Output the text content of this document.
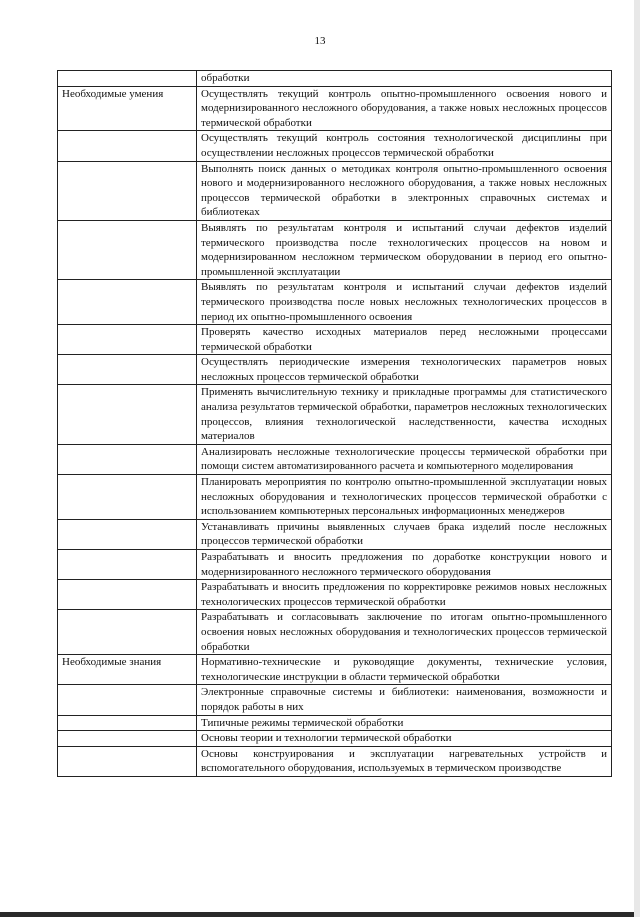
13
	обработки
Необходимые умения	Осуществлять текущий контроль опытно-промышленного освоения нового и модернизированного несложного оборудования, а также новых несложных процессов термической обработки
	Осуществлять текущий контроль состояния технологической дисциплины при осуществлении несложных процессов термической обработки
	Выполнять поиск данных о методиках контроля опытно-промышленного освоения нового и модернизированного несложного оборудования, а также новых несложных процессов термической обработки в электронных справочных системах и библиотеках
	Выявлять по результатам контроля и испытаний случаи дефектов изделий термического производства после технологических процессов на новом и модернизированном несложном термическом оборудовании в период его опытно-промышленной эксплуатации
	Выявлять по результатам контроля и испытаний случаи дефектов изделий термического производства после новых несложных технологических процессов в период их опытно-промышленного освоения
	Проверять качество исходных материалов перед несложными процессами термической обработки
	Осуществлять периодические измерения технологических параметров новых несложных процессов термической обработки
	Применять вычислительную технику и прикладные программы для статистического анализа результатов термической обработки, параметров несложных технологических процессов, влияния технологической наследственности, качества исходных материалов
	Анализировать несложные технологические процессы термической обработки при помощи систем автоматизированного расчета и компьютерного моделирования
	Планировать мероприятия по контролю опытно-промышленной эксплуатации новых несложных оборудования и технологических процессов термической обработки с использованием компьютерных персональных информационных менеджеров
	Устанавливать причины выявленных случаев брака изделий после несложных процессов термической обработки
	Разрабатывать и вносить предложения по доработке конструкции нового и модернизированного несложного термического оборудования
	Разрабатывать и вносить предложения по корректировке режимов новых несложных технологических процессов термической обработки
	Разрабатывать и согласовывать заключение по итогам опытно-промышленного освоения новых несложных оборудования и технологических процессов термической обработки
Необходимые знания	Нормативно-технические и руководящие документы, технические условия, технологические инструкции в области термической обработки
	Электронные справочные системы и библиотеки: наименования, возможности и порядок работы в них
	Типичные режимы термической обработки
	Основы теории и технологии термической обработки
	Основы конструирования и эксплуатации нагревательных устройств и вспомогательного оборудования, используемых в термическом производстве
